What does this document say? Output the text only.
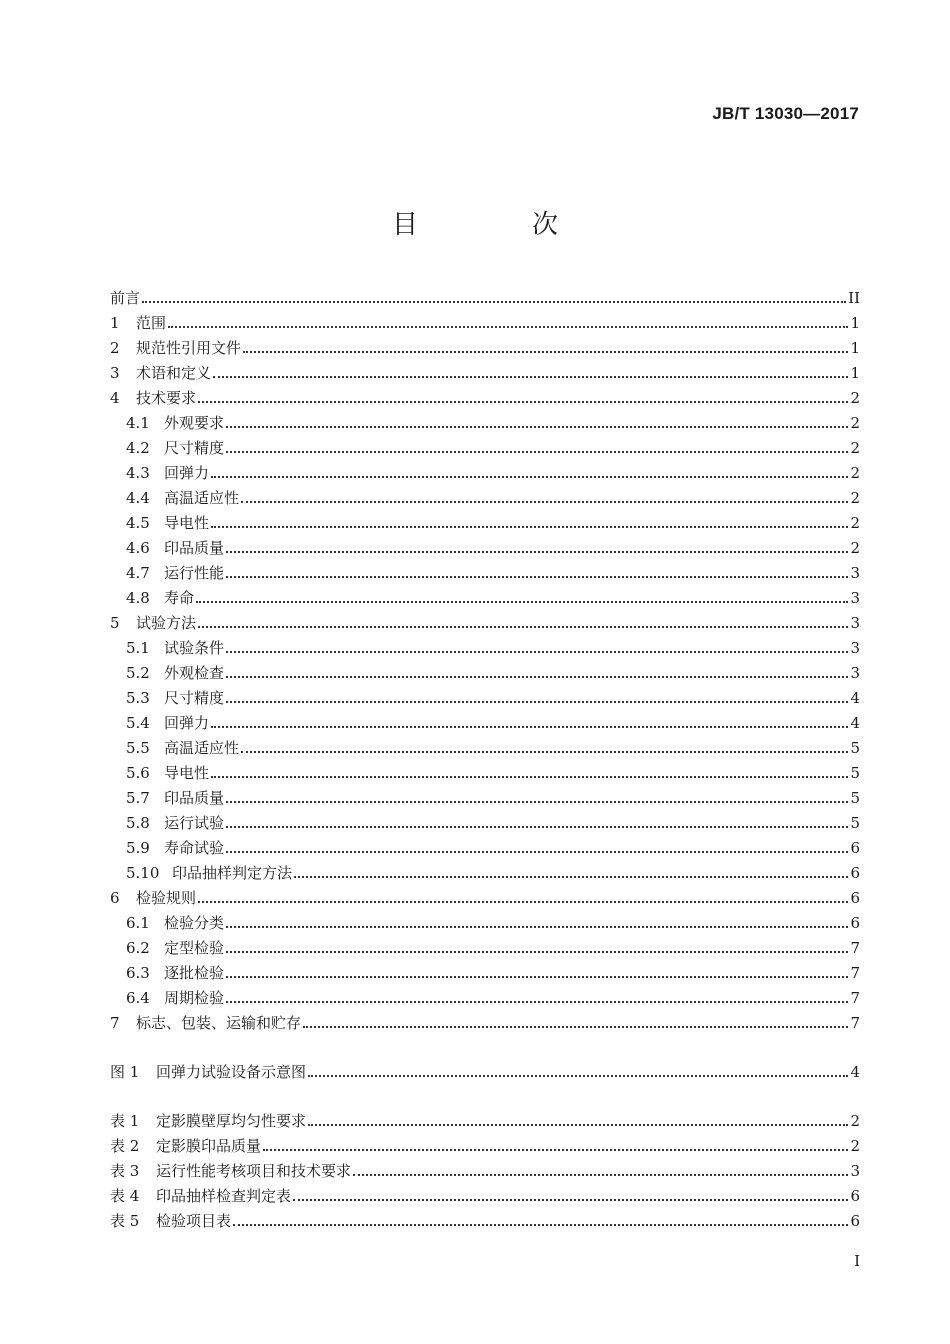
JB/T 13030—2017
目　次
前言	II
1	范围	1
2	规范性引用文件	1
3	术语和定义	1
4	技术要求	2
4.1 外观要求	2
4.2 尺寸精度	2
4.3 回弹力	2
4.4 高温适应性	2
4.5 导电性	2
4.6 印品质量	2
4.7 运行性能	3
4.8 寿命	3
5	试验方法	3
5.1 试验条件	3
5.2 外观检查	3
5.3 尺寸精度	4
5.4 回弹力	4
5.5 高温适应性	5
5.6 导电性	5
5.7 印品质量	5
5.8 运行试验	5
5.9 寿命试验	6
5.10 印品抽样判定方法	6
6	检验规则	6
6.1 检验分类	6
6.2 定型检验	7
6.3 逐批检验	7
6.4 周期检验	7
7	标志、包装、运输和贮存	7
图 1	回弹力试验设备示意图	4
表 1	定影膜壁厚均匀性要求	2
表 2	定影膜印品质量	2
表 3	运行性能考核项目和技术要求	3
表 4	印品抽样检查判定表	6
表 5	检验项目表	6
I
